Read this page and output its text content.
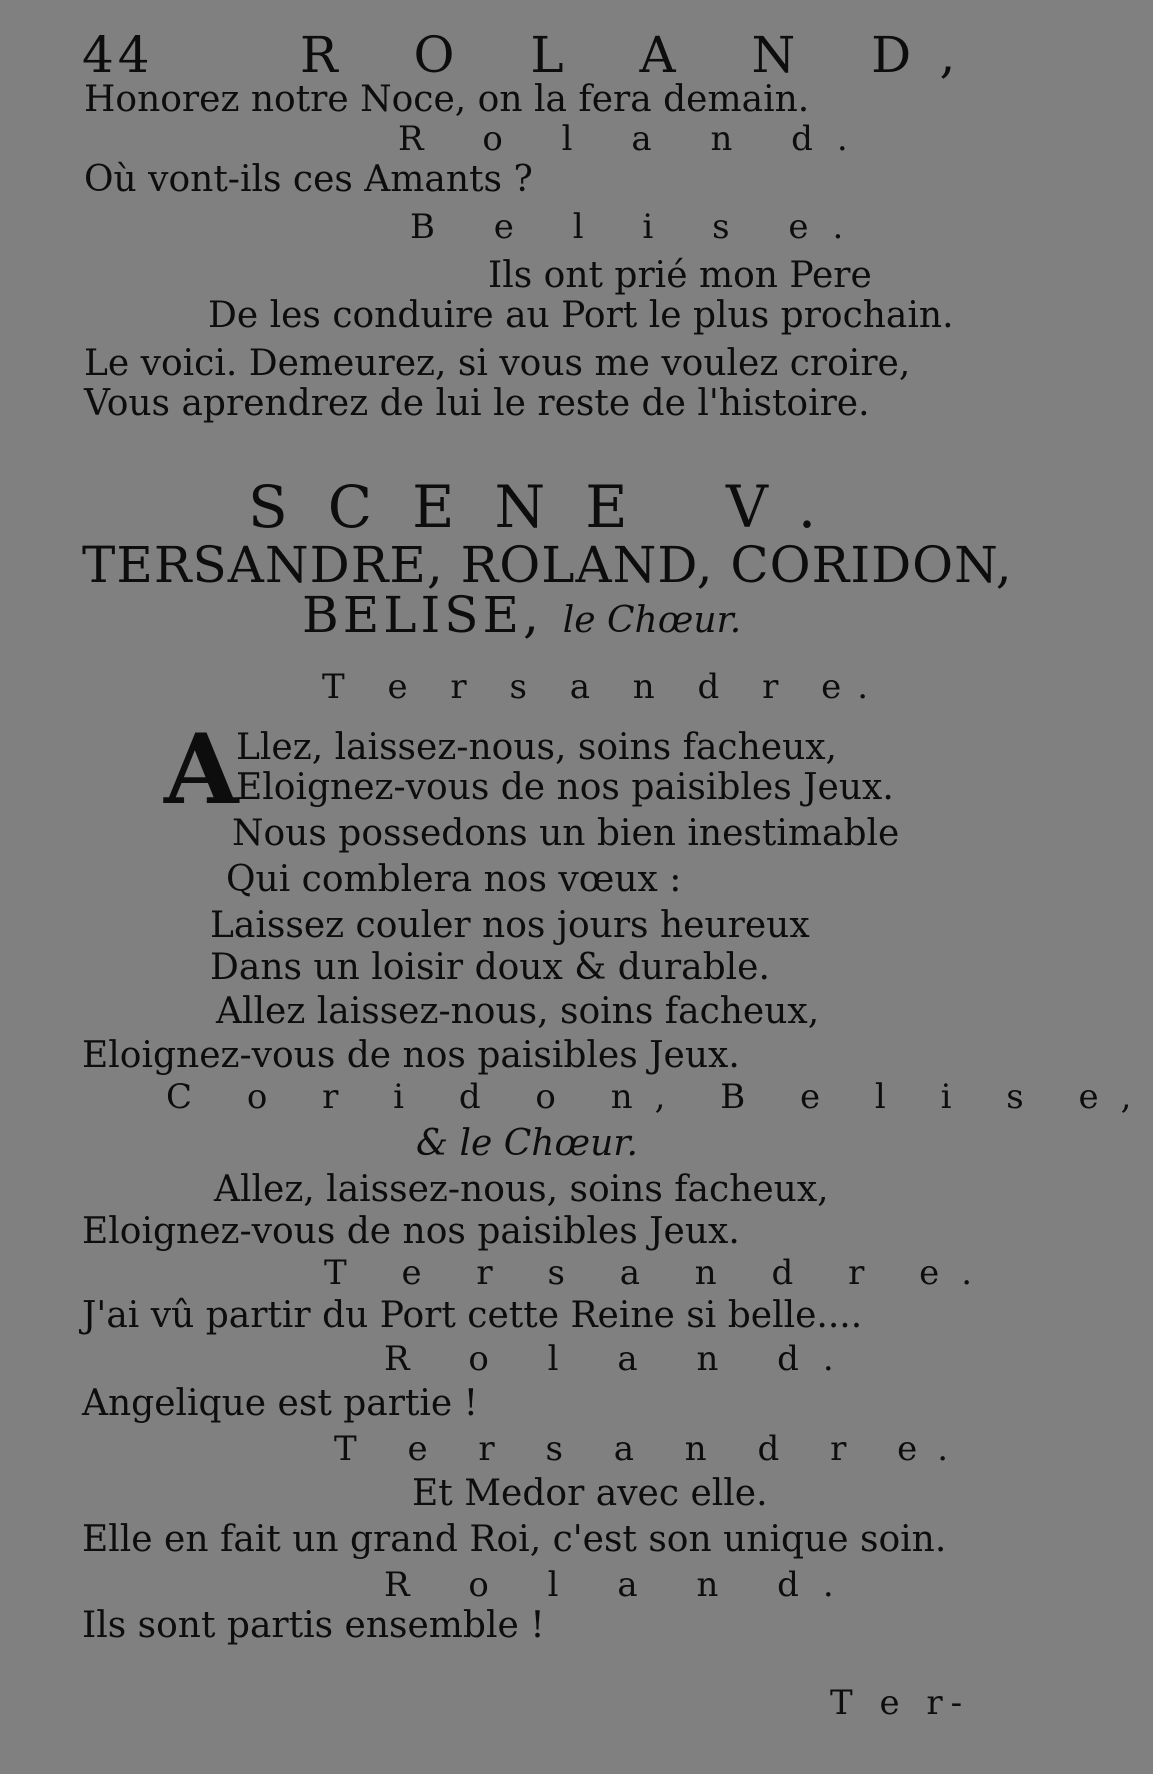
44	R O L A N D,
Honorez notre Noce, on la fera demain.
R o l a n d.
Où vont-ils ces Amants ?
B e l i s e.
Ils ont prié mon Pere
De les conduire au Port le plus prochain.
Le voici. Demeurez, si vous me voulez croire,
Vous aprendrez de lui le reste de l'histoire.
SCENE V.
TERSANDRE, ROLAND, CORIDON,
BELISE, le Chœur.
T e r s a n d r e.
A
Llez, laissez-nous, soins facheux,
Eloignez-vous de nos paisibles Jeux.
Nous possedons un bien inestimable
Qui comblera nos vœux :
Laissez couler nos jours heureux
Dans un loisir doux & durable.
Allez laissez-nous, soins facheux,
Eloignez-vous de nos paisibles Jeux.
C o r i d o n, B e l i s e,
& le Chœur.
Allez, laissez-nous, soins facheux,
Eloignez-vous de nos paisibles Jeux.
T e r s a n d r e.
J'ai vû partir du Port cette Reine si belle....
R o l a n d.
Angelique est partie !
T e r s a n d r e.
Et Medor avec elle.
Elle en fait un grand Roi, c'est son unique soin.
R o l a n d.
Ils sont partis ensemble !
T e r-
